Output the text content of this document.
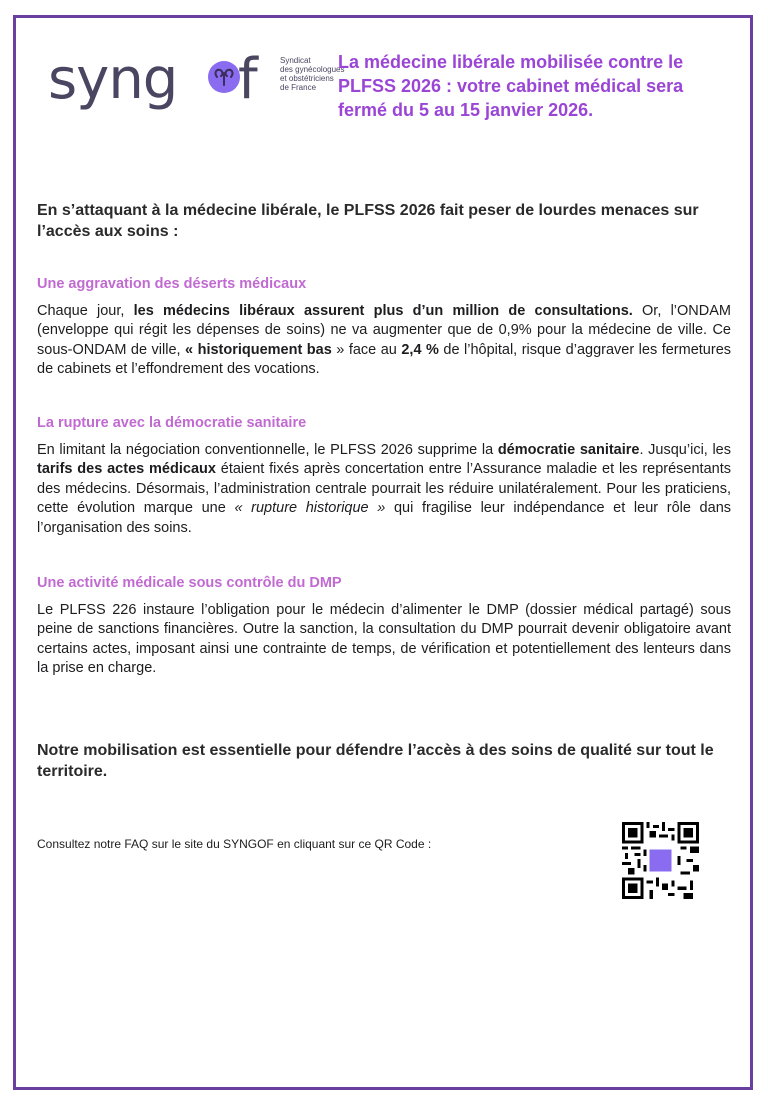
syng f	Syndicat
des gynécologues
et obstétriciens
de France
La médecine libérale mobilisée contre le PLFSS 2026 : votre cabinet médical sera fermé du 5 au 15 janvier 2026.
En s’attaquant à la médecine libérale, le PLFSS 2026 fait peser de lourdes menaces sur l’accès aux soins :
Une aggravation des déserts médicaux
Chaque jour, les médecins libéraux assurent plus d’un million de consultations. Or, l’ONDAM (enveloppe qui régit les dépenses de soins) ne va augmenter que de 0,9% pour la médecine de ville. Ce sous-ONDAM de ville, « historiquement bas » face au 2,4 % de l’hôpital, risque d’aggraver les fermetures de cabinets et l’effondrement des vocations.
La rupture avec la démocratie sanitaire
En limitant la négociation conventionnelle, le PLFSS 2026 supprime la démocratie sanitaire. Jusqu’ici, les tarifs des actes médicaux étaient fixés après concertation entre l’Assurance maladie et les représentants des médecins. Désormais, l’administration centrale pourrait les réduire unilatéralement. Pour les praticiens, cette évolution marque une « rupture historique » qui fragilise leur indépendance et leur rôle dans l’organisation des soins.
Une activité médicale sous contrôle du DMP
Le PLFSS 226 instaure l’obligation pour le médecin d’alimenter le DMP (dossier médical partagé) sous peine de sanctions financières. Outre la sanction, la consultation du DMP pourrait devenir obligatoire avant certains actes, imposant ainsi une contrainte de temps, de vérification et potentiellement des lenteurs dans la prise en charge.
Notre mobilisation est essentielle pour défendre l’accès à des soins de qualité sur tout le territoire.
Consultez notre FAQ sur le site du SYNGOF en cliquant sur ce QR Code :
